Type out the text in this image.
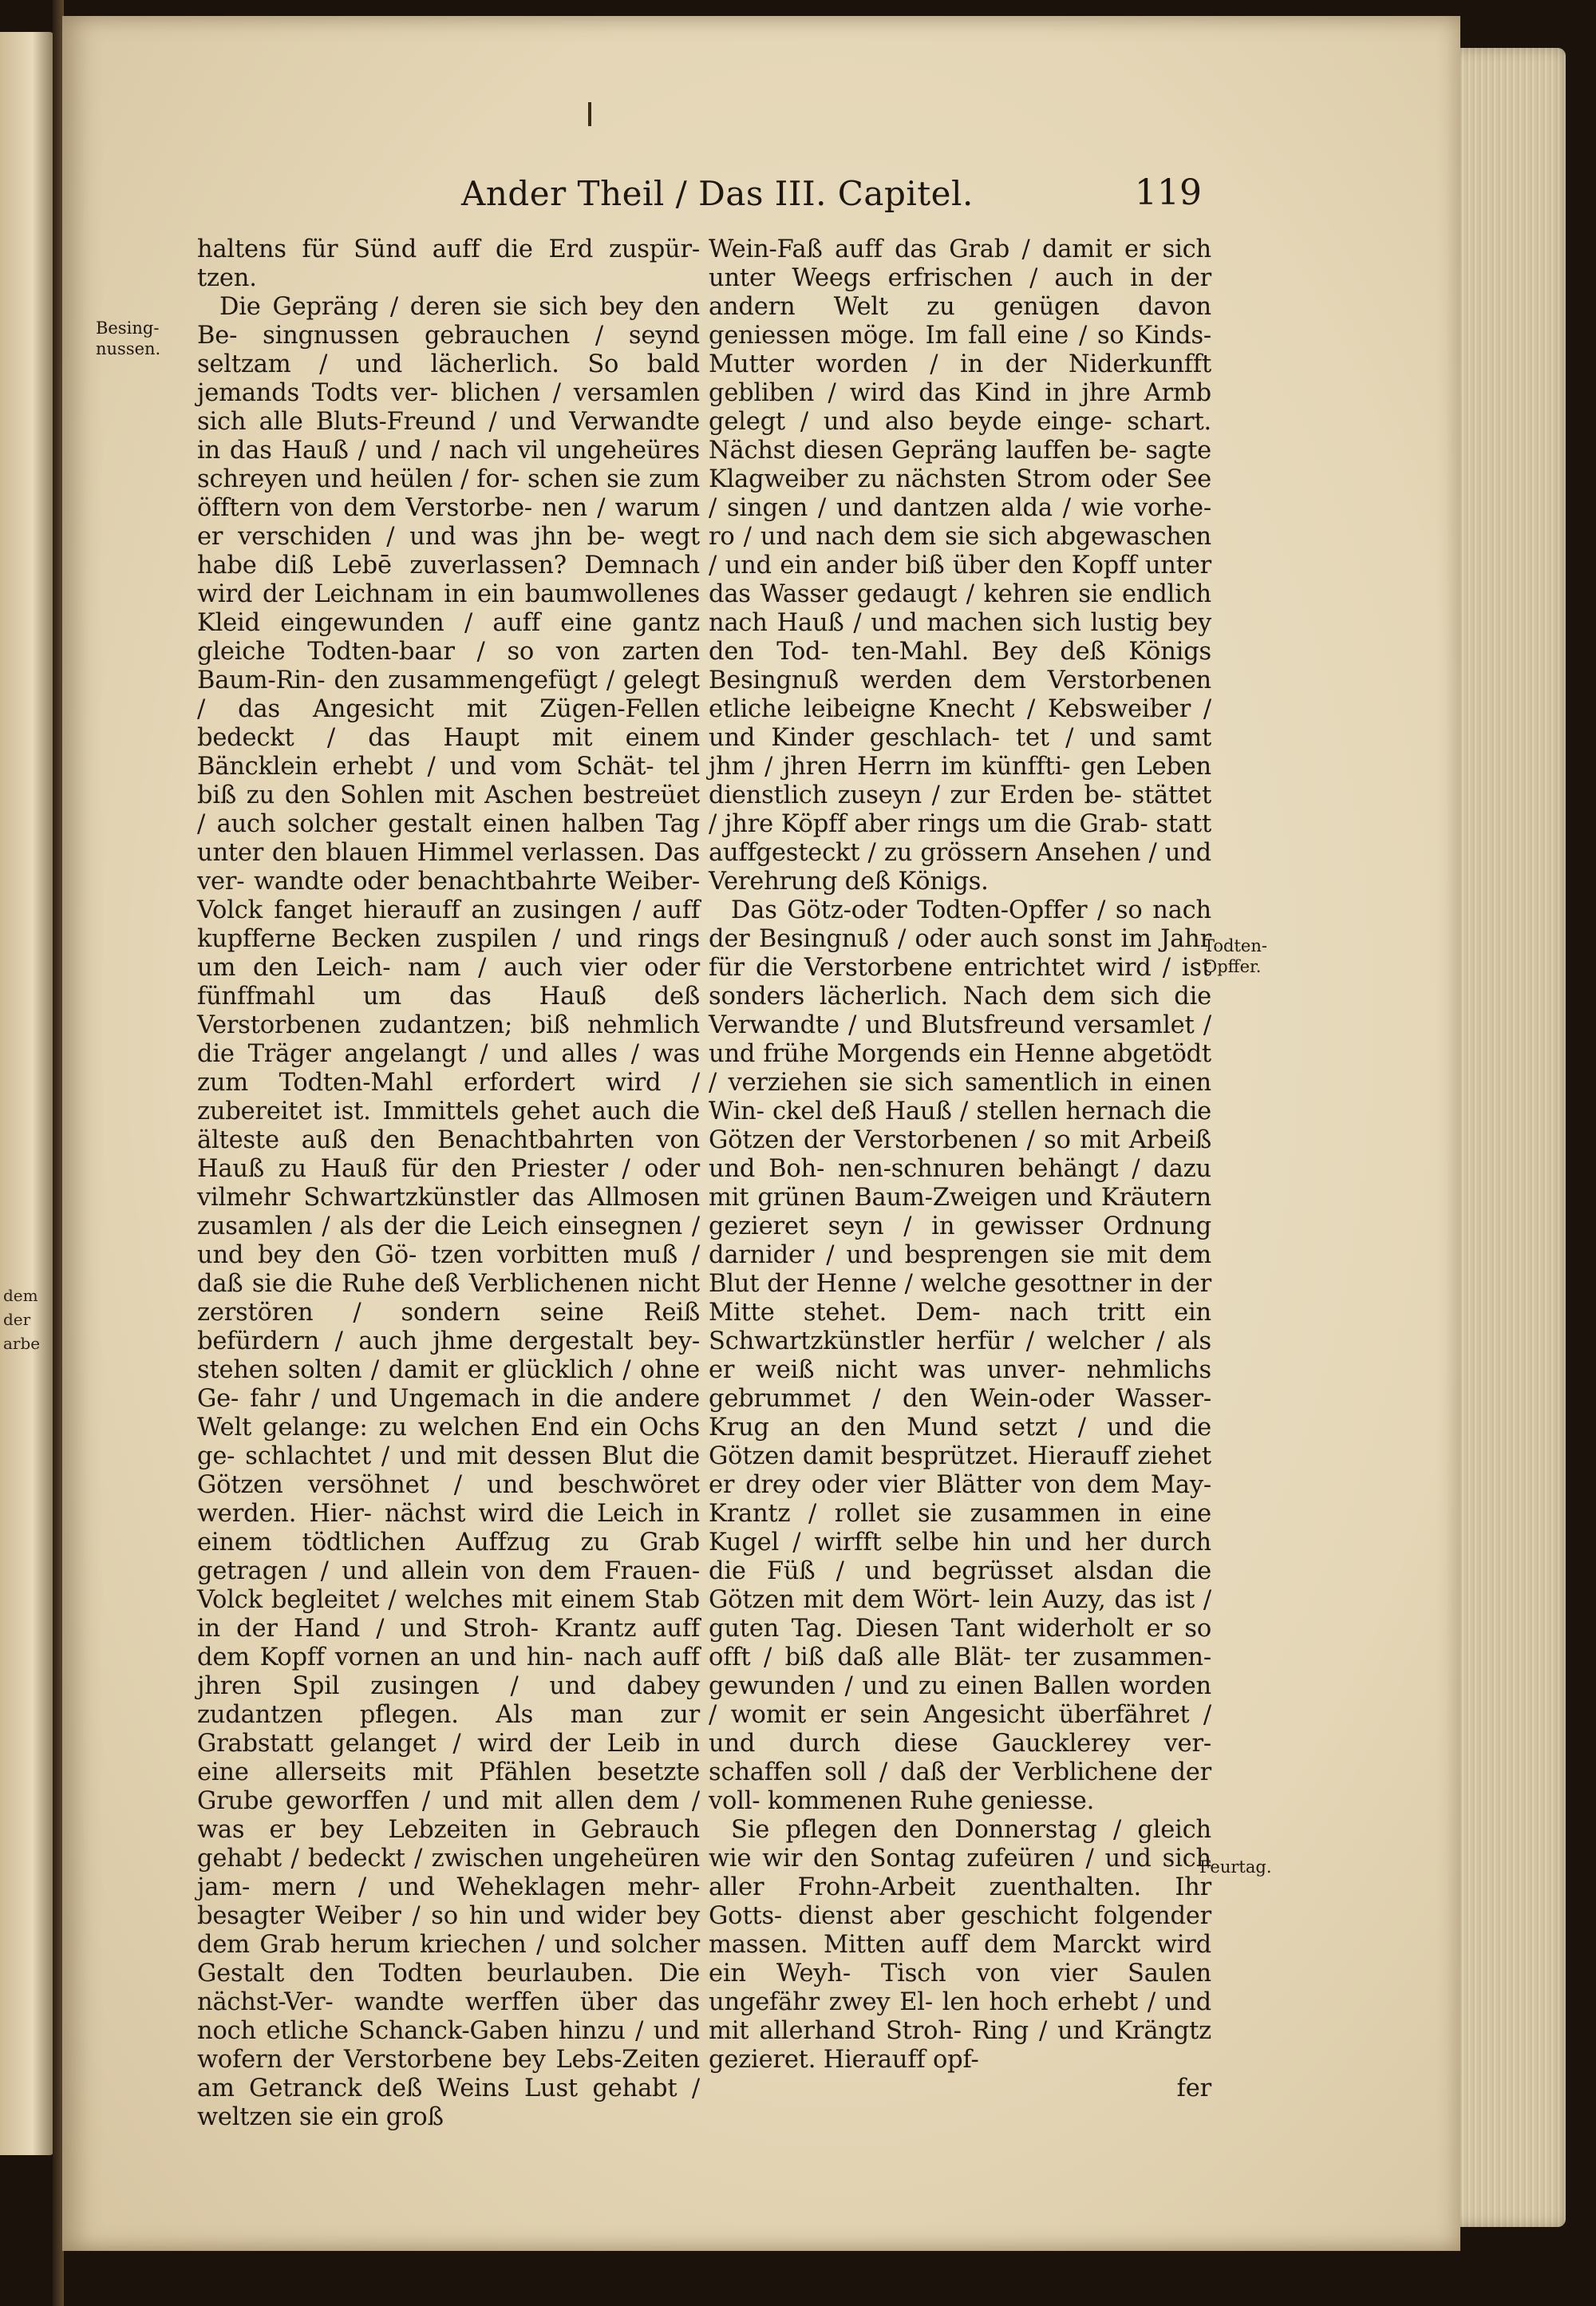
dem
der
arbe
Ander Theil / Das III. Capitel.	119
Besing-
nussen.
Todten-
Opffer.
Feurtag.

haltens für Sünd auff die Erd zuspür- tzen.

Die Gepräng / deren sie sich bey den Be- singnussen gebrauchen / seynd seltzam / und lächerlich. So bald jemands Todts ver- blichen / versamlen sich alle Bluts-Freund / und Verwandte in das Hauß / und / nach vil ungeheüres schreyen und heülen / for- schen sie zum öfftern von dem Verstorbe- nen / warum er verschiden / und was jhn be- wegt habe diß Lebē zuverlassen? Demnach wird der Leichnam in ein baumwollenes Kleid eingewunden / auff eine gantz gleiche Todten-baar / so von zarten Baum-Rin- den zusammengefügt / gelegt / das Angesicht mit Zügen-Fellen bedeckt / das Haupt mit einem Bäncklein erhebt / und vom Schät- tel biß zu den Sohlen mit Aschen bestreüet / auch solcher gestalt einen halben Tag unter den blauen Himmel verlassen. Das ver- wandte oder benachtbahrte Weiber-Volck fanget hierauff an zusingen / auff kupfferne Becken zuspilen / und rings um den Leich- nam / auch vier oder fünffmahl um das Hauß deß Verstorbenen zudantzen; biß nehmlich die Träger angelangt / und alles / was zum Todten-Mahl erfordert wird / zubereitet ist. Immittels gehet auch die älteste auß den Benachtbahrten von Hauß zu Hauß für den Priester / oder vilmehr Schwartzkünstler das Allmosen zusamlen / als der die Leich einsegnen / und bey den Gö- tzen vorbitten muß / daß sie die Ruhe deß Verblichenen nicht zerstören / sondern seine Reiß befürdern / auch jhme dergestalt bey- stehen solten / damit er glücklich / ohne Ge- fahr / und Ungemach in die andere Welt gelange: zu welchen End ein Ochs ge- schlachtet / und mit dessen Blut die Götzen versöhnet / und beschwöret werden. Hier- nächst wird die Leich in einem tödtlichen Auffzug zu Grab getragen / und allein von dem Frauen-Volck begleitet / welches mit einem Stab in der Hand / und Stroh- Krantz auff dem Kopff vornen an und hin- nach auff jhren Spil zusingen / und dabey zudantzen pflegen. Als man zur Grabstatt gelanget / wird der Leib in eine allerseits mit Pfählen besetzte Grube geworffen / und mit allen dem / was er bey Lebzeiten in Gebrauch gehabt / bedeckt / zwischen ungeheüren jam- mern / und Weheklagen mehr-besagter Weiber / so hin und wider bey dem Grab herum kriechen / und solcher Gestalt den Todten beurlauben. Die nächst-Ver- wandte werffen über das noch etliche Schanck-Gaben hinzu / und wofern der Verstorbene bey Lebs-Zeiten am Getranck deß Weins Lust gehabt / weltzen sie ein groß

Wein-Faß auff das Grab / damit er sich unter Weegs erfrischen / auch in der andern Welt zu genügen davon geniessen möge. Im fall eine / so Kinds-Mutter worden / in der Niderkunfft gebliben / wird das Kind in jhre Armb gelegt / und also beyde einge- schart. Nächst diesen Gepräng lauffen be- sagte Klagweiber zu nächsten Strom oder See / singen / und dantzen alda / wie vorhe- ro / und nach dem sie sich abgewaschen / und ein ander biß über den Kopff unter das Wasser gedaugt / kehren sie endlich nach Hauß / und machen sich lustig bey den Tod- ten-Mahl. Bey deß Königs Besingnuß werden dem Verstorbenen etliche leibeigne Knecht / Kebsweiber / und Kinder geschlach- tet / und samt jhm / jhren Herrn im künffti- gen Leben dienstlich zuseyn / zur Erden be- stättet / jhre Köpff aber rings um die Grab- statt auffgesteckt / zu grössern Ansehen / und Verehrung deß Königs.

Das Götz-oder Todten-Opffer / so nach der Besingnuß / oder auch sonst im Jahr für die Verstorbene entrichtet wird / ist sonders lächerlich. Nach dem sich die Verwandte / und Blutsfreund versamlet / und frühe Morgends ein Henne abgetödt / verziehen sie sich samentlich in einen Win- ckel deß Hauß / stellen hernach die Götzen der Verstorbenen / so mit Arbeiß und Boh- nen-schnuren behängt / dazu mit grünen Baum-Zweigen und Kräutern gezieret seyn / in gewisser Ordnung darnider / und besprengen sie mit dem Blut der Henne / welche gesottner in der Mitte stehet. Dem- nach tritt ein Schwartzkünstler herfür / welcher / als er weiß nicht was unver- nehmlichs gebrummet / den Wein-oder Wasser-Krug an den Mund setzt / und die Götzen damit besprützet. Hierauff ziehet er drey oder vier Blätter von dem May- Krantz / rollet sie zusammen in eine Kugel / wirfft selbe hin und her durch die Füß / und begrüsset alsdan die Götzen mit dem Wört- lein Auzy, das ist / guten Tag. Diesen Tant widerholt er so offt / biß daß alle Blät- ter zusammen-gewunden / und zu einen Ballen worden / womit er sein Angesicht überfähret / und durch diese Gaucklerey ver- schaffen soll / daß der Verblichene der voll- kommenen Ruhe geniesse.

Sie pflegen den Donnerstag / gleich wie wir den Sontag zufeüren / und sich aller Frohn-Arbeit zuenthalten. Ihr Gotts- dienst aber geschicht folgender massen. Mitten auff dem Marckt wird ein Weyh- Tisch von vier Saulen ungefähr zwey El- len hoch erhebt / und mit allerhand Stroh- Ring / und Krängtz gezieret. Hierauff opf-

fer
